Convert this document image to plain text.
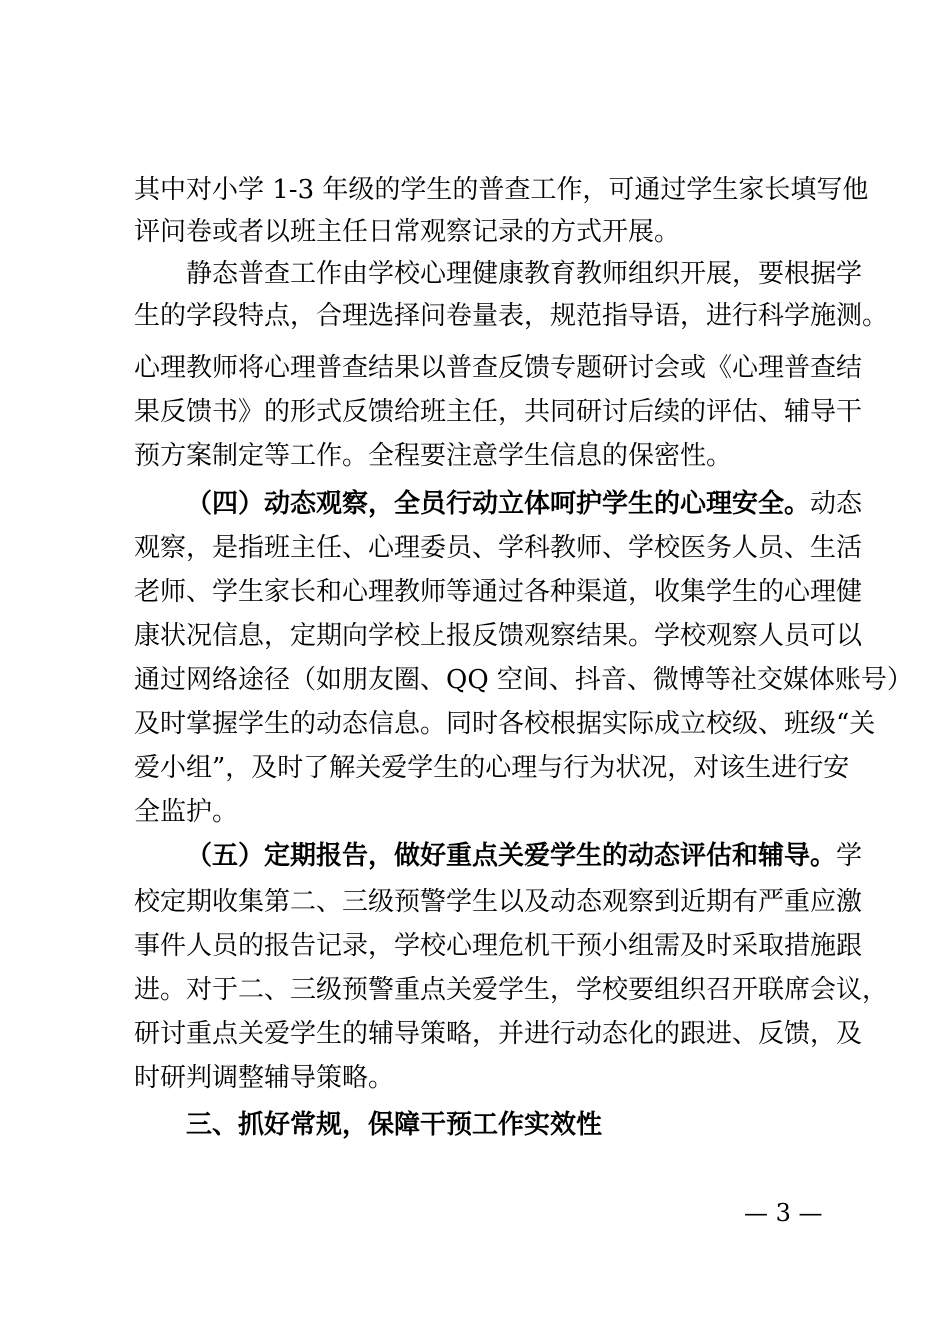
其中对小学 1-3 年级的学生的普查工作，可通过学生家长填写他
评问卷或者以班主任日常观察记录的方式开展。
静态普查工作由学校心理健康教育教师组织开展，要根据学
生的学段特点，合理选择问卷量表，规范指导语，进行科学施测。
心理教师将心理普查结果以普查反馈专题研讨会或《心理普查结
果反馈书》的形式反馈给班主任，共同研讨后续的评估、辅导干
预方案制定等工作。全程要注意学生信息的保密性。
（四）动态观察，全员行动立体呵护学生的心理安全。动态
观察，是指班主任、心理委员、学科教师、学校医务人员、生活
老师、学生家长和心理教师等通过各种渠道，收集学生的心理健
康状况信息，定期向学校上报反馈观察结果。学校观察人员可以
通过网络途径（如朋友圈、QQ 空间、抖音、微博等社交媒体账号）
及时掌握学生的动态信息。同时各校根据实际成立校级、班级“关
爱小组”，及时了解关爱学生的心理与行为状况，对该生进行安
全监护。
（五）定期报告，做好重点关爱学生的动态评估和辅导。学
校定期收集第二、三级预警学生以及动态观察到近期有严重应激
事件人员的报告记录，学校心理危机干预小组需及时采取措施跟
进。对于二、三级预警重点关爱学生，学校要组织召开联席会议，
研讨重点关爱学生的辅导策略，并进行动态化的跟进、反馈，及
时研判调整辅导策略。
三、抓好常规，保障干预工作实效性
— 3 —
